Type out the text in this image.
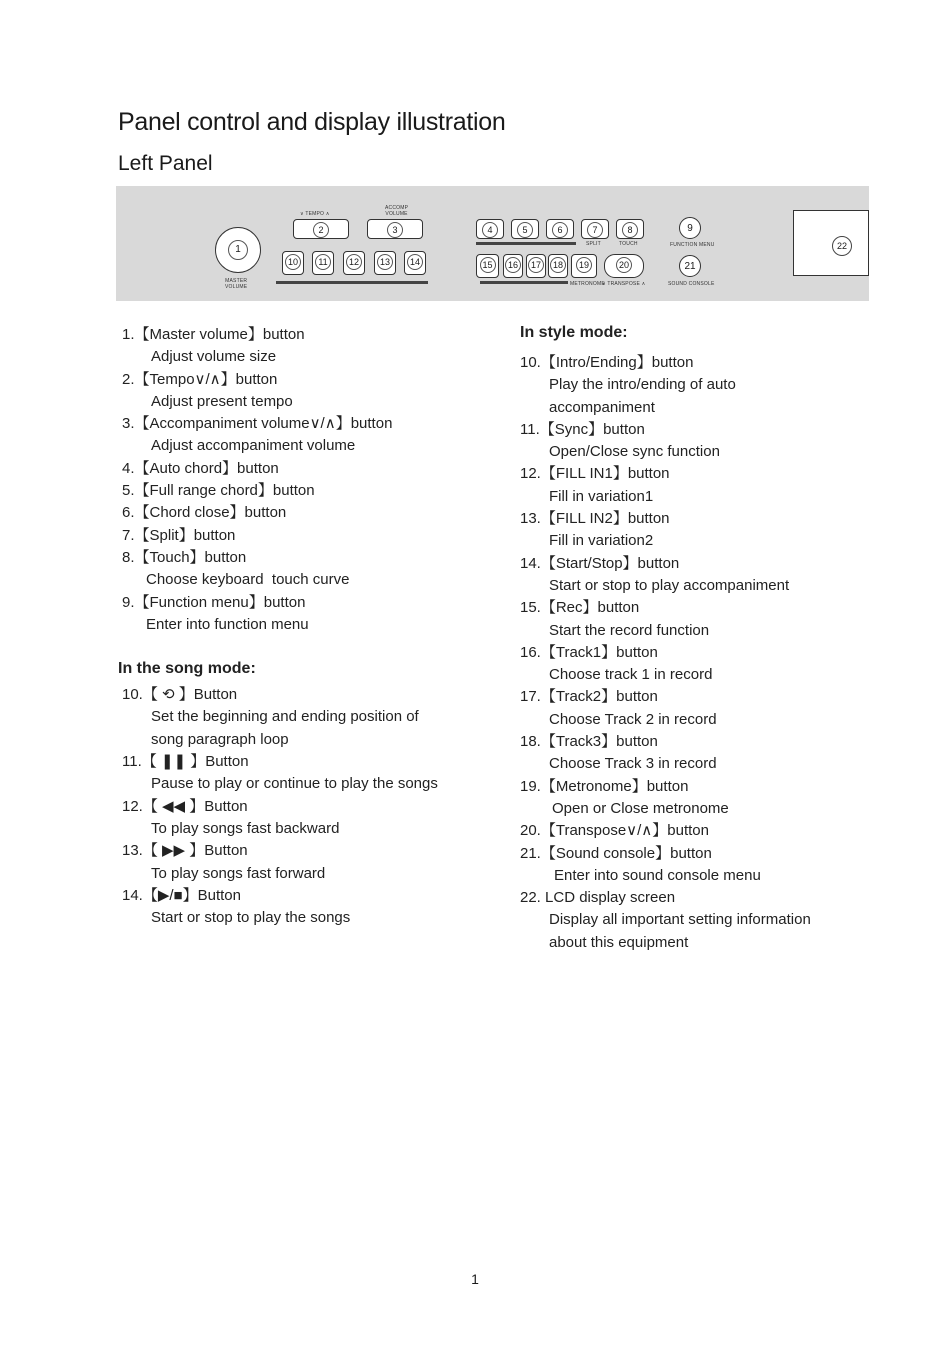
Panel control and display illustration
Left Panel
1
MASTER
VOLUME
∨ TEMPO ∧
2
ACCOMP
VOLUME
3
10	11	12	13	14
4	5	6	7	8
SPLIT	TOUCH
9
FUNCTION MENU
15	16	17	18	19
METRONOME
20
∨ TRANSPOSE ∧
21
SOUND CONSOLE
22
1.【Master volume】button
Adjust volume size
2.【Tempo∨/∧】button
Adjust present tempo
3.【Accompaniment volume∨/∧】button
Adjust accompaniment volume
4.【Auto chord】button
5.【Full range chord】button
6.【Chord close】button
7.【Split】button
8.【Touch】button
Choose keyboard  touch curve
9.【Function menu】button
Enter into function menu
In the song mode:
10.【 ⟲ 】Button
Set the beginning and ending position of
song paragraph loop
11.【 ❚❚ 】Button
Pause to play or continue to play the songs
12.【 ◀◀ 】Button
To play songs fast backward
13.【 ▶▶ 】Button
To play songs fast forward
14.【▶/■】Button
Start or stop to play the songs
In style mode:
10.【Intro/Ending】button
Play the intro/ending of auto
accompaniment
11.【Sync】button
Open/Close sync function
12.【FILL IN1】button
Fill in variation1
13.【FILL IN2】button
Fill in variation2
14.【Start/Stop】button
Start or stop to play accompaniment
15.【Rec】button
Start the record function
16.【Track1】button
Choose track 1 in record
17.【Track2】button
Choose Track 2 in record
18.【Track3】button
Choose Track 3 in record
19.【Metronome】button
Open or Close metronome
20.【Transpose∨/∧】button
21.【Sound console】button
Enter into sound console menu
22. LCD display screen
Display all important setting information
about this equipment
1
